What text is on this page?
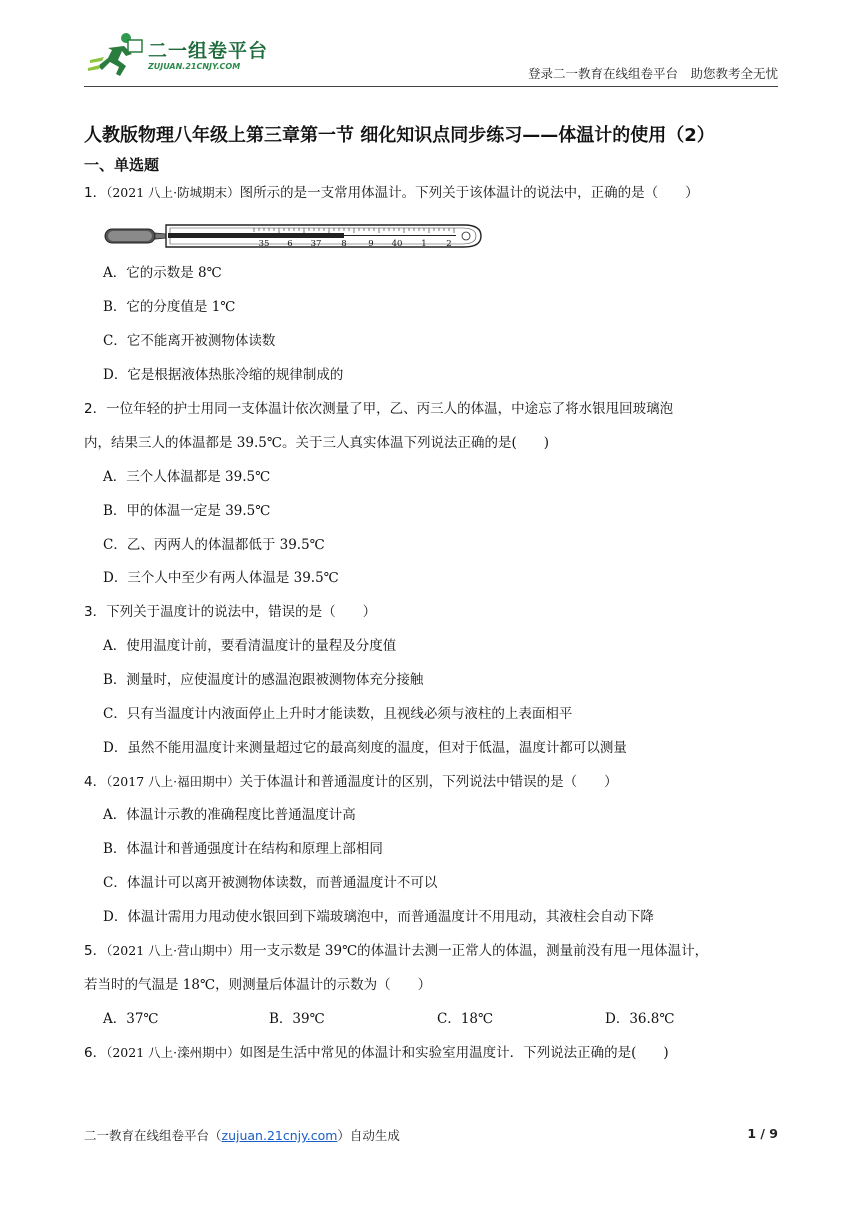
二一组卷平台
ZUJUAN.21CNJY.COM	登录二一教育在线组卷平台　助您教考全无忧
人教版物理八年级上第三章第一节 细化知识点同步练习——体温计的使用（2）
一、单选题
1．（2021 八上·防城期末）图所示的是一支常用体温计。下列关于该体温计的说法中，正确的是（　　）
35 6 37 8	9 40 1 2
A．它的示数是 8℃
B．它的分度值是 1℃
C．它不能离开被测物体读数
D．它是根据液体热胀冷缩的规律制成的
2．一位年轻的护士用同一支体温计依次测量了甲，乙、丙三人的体温，中途忘了将水银甩回玻璃泡
内，结果三人的体温都是 39.5℃。关于三人真实体温下列说法正确的是(　　)
A．三个人体温都是 39.5℃
B．甲的体温一定是 39.5℃
C．乙、丙两人的体温都低于 39.5℃
D．三个人中至少有两人体温是 39.5℃
3．下列关于温度计的说法中，错误的是（　　）
A．使用温度计前，要看清温度计的量程及分度值
B．测量时，应使温度计的感温泡跟被测物体充分接触
C．只有当温度计内液面停止上升时才能读数，且视线必须与液柱的上表面相平
D．虽然不能用温度计来测量超过它的最高刻度的温度，但对于低温，温度计都可以测量
4．（2017 八上·福田期中）关于体温计和普通温度计的区别，下列说法中错误的是（　　）
A．体温计示教的准确程度比普通温度计高
B．体温计和普通强度计在结构和原理上部相同
C．体温计可以离开被测物体读数，而普通温度计不可以
D．体温计需用力甩动使水银回到下端玻璃泡中，而普通温度计不用甩动，其液柱会自动下降
5．（2021 八上·营山期中）用一支示数是 39℃的体温计去测一正常人的体温，测量前没有甩一甩体温计，
若当时的气温是 18℃，则测量后体温计的示数为（　　）
A．37℃	B．39℃	C．18℃	D．36.8℃
6．（2021 八上·滦州期中）如图是生活中常见的体温计和实验室用温度计．下列说法正确的是(　　)
二一教育在线组卷平台（zujuan.21cnjy.com）自动生成	1 / 9
